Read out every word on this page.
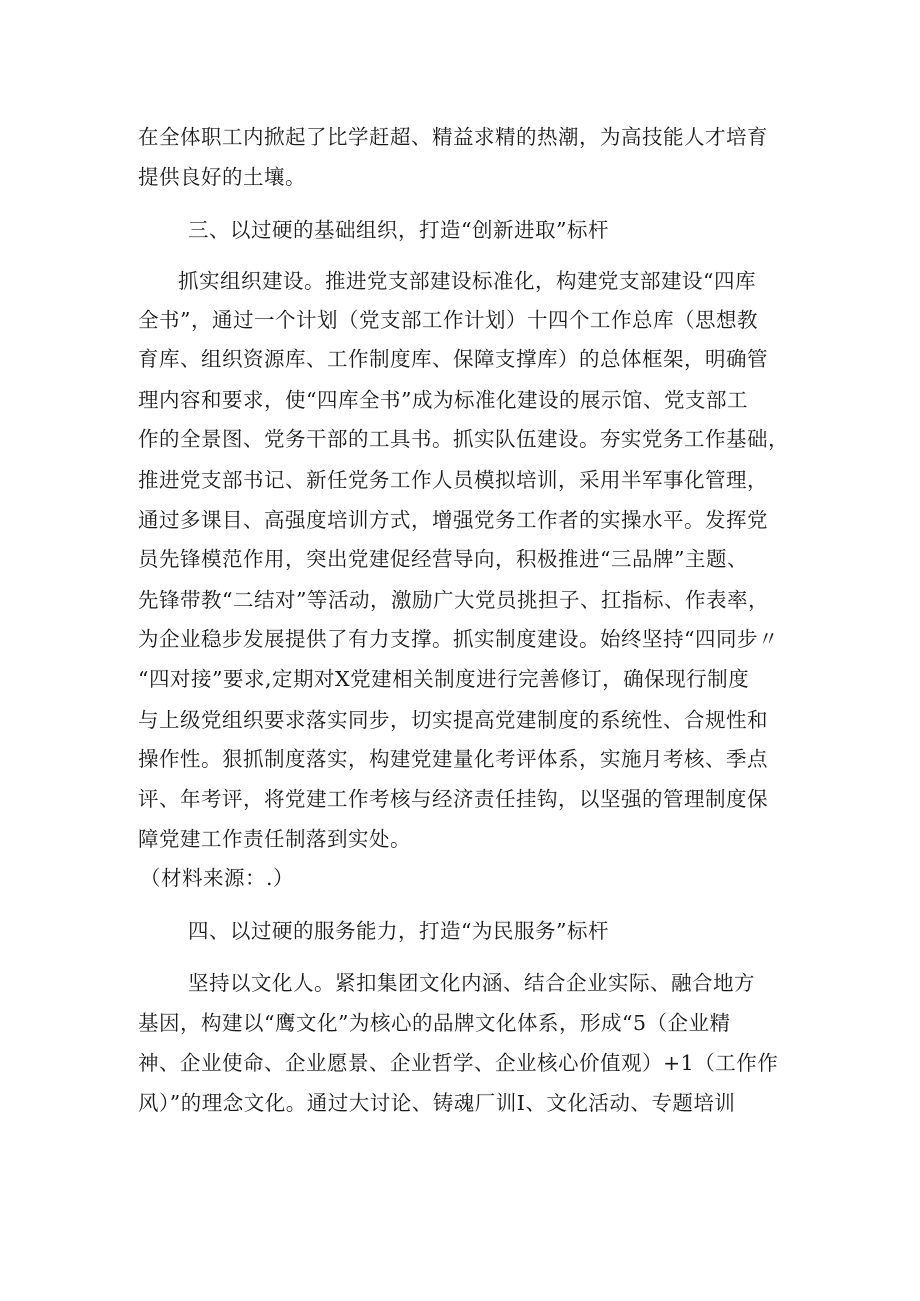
在全体职工内掀起了比学赶超、精益求精的热潮，为高技能人才培育
提供良好的土壤。
三、以过硬的基础组织，打造“创新进取”标杆
抓实组织建设。推进党支部建设标准化，构建党支部建设“四库
全书”，通过一个计划（党支部工作计划）十四个工作总库（思想教
育库、组织资源库、工作制度库、保障支撑库）的总体框架，明确管
理内容和要求，使“四库全书”成为标准化建设的展示馆、党支部工
作的全景图、党务干部的工具书。抓实队伍建设。夯实党务工作基础，
推进党支部书记、新任党务工作人员模拟培训，采用半军事化管理，
通过多课目、高强度培训方式，增强党务工作者的实操水平。发挥党
员先锋模范作用，突出党建促经营导向，积极推进“三品牌”主题、
先锋带教“二结对”等活动，激励广大党员挑担子、扛指标、作表率，
为企业稳步发展提供了有力支撑。抓实制度建设。始终坚持“四同步〃
“四对接”要求,定期对X党建相关制度进行完善修订，确保现行制度
与上级党组织要求落实同步，切实提高党建制度的系统性、合规性和
操作性。狠抓制度落实，构建党建量化考评体系，实施月考核、季点
评、年考评，将党建工作考核与经济责任挂钩，以坚强的管理制度保
障党建工作责任制落到实处。
（材料来源：.）
四、以过硬的服务能力，打造“为民服务”标杆
坚持以文化人。紧扣集团文化内涵、结合企业实际、融合地方
基因，构建以“鹰文化”为核心的品牌文化体系，形成“5（企业精
神、企业使命、企业愿景、企业哲学、企业核心价值观）+1（工作作
风）”的理念文化。通过大讨论、铸魂厂训I、文化活动、专题培训
